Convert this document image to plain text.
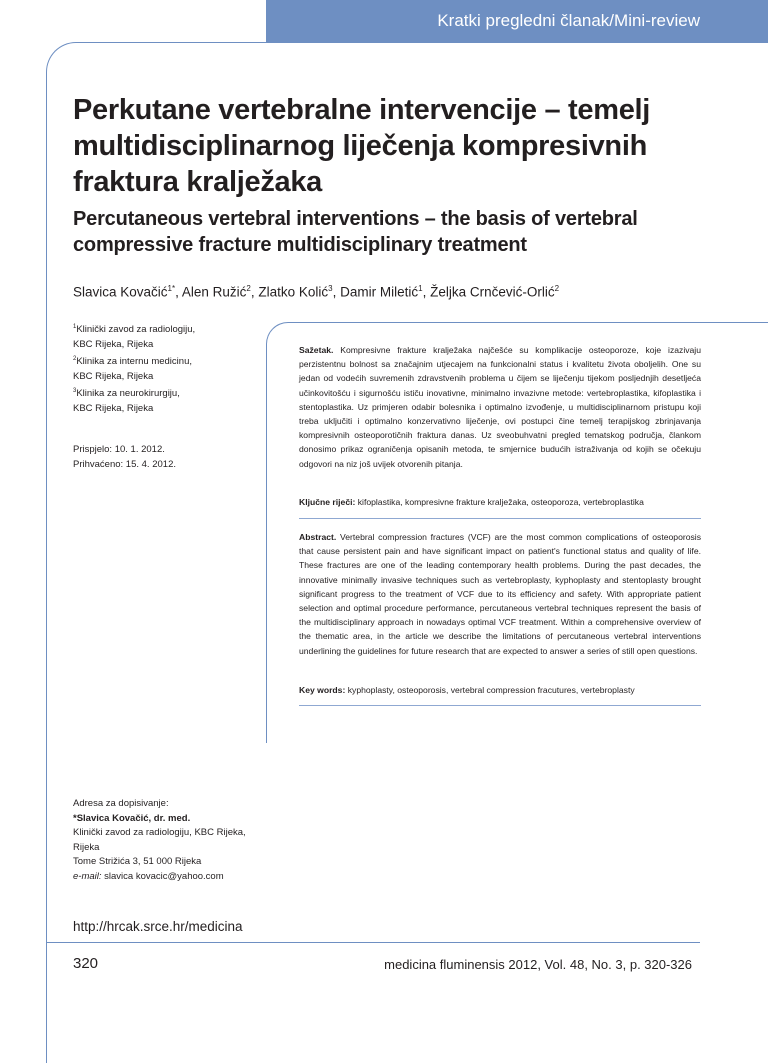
Kratki pregledni članak/Mini-review
Perkutane vertebralne intervencije – temelj multidisciplinarnog liječenja kompresivnih fraktura kralježaka
Percutaneous vertebral interventions – the basis of vertebral compressive fracture multidisciplinary treatment
Slavica Kovačić$^{1*}$, Alen Ružić$^2$, Zlatko Kolić$^3$, Damir Miletić$^1$, Željka Crnčević-Orlić$^2$
$^1$Klinički zavod za radiologiju,
KBC Rijeka, Rijeka
$^2$Klinika za internu medicinu,
KBC Rijeka, Rijeka
$^3$Klinika za neurokirurgiju,
KBC Rijeka, Rijeka
Prispjelo: 10. 1. 2012.
Prihvaćeno: 15. 4. 2012.
Sažetak. Kompresivne frakture kralježaka najčešće su komplikacije osteoporoze, koje izazivaju perzistentnu bolnost sa značajnim utjecajem na funkcionalni status i kvalitetu života oboljelih. One su jedan od vodećih suvremenih zdravstvenih problema u čijem se liječenju tijekom posljednjih desetljeća učinkovitošću i sigurnošću ističu inovativne, minimalno invazivne metode: vertebroplastika, kifoplastika i stentoplastika. Uz primjeren odabir bolesnika i optimalno izvođenje, u multidisciplinarnom pristupu koji treba uključiti i optimalno konzervativno liječenje, ovi postupci čine temelj terapijskog zbrinjavanja kompresivnih osteoporotičnih fraktura danas. Uz sveobuhvatni pregled tematskog područja, člankom donosimo prikaz ograničenja opisanih metoda, te smjernice budućih istraživanja od kojih se očekuju odgovori na niz još uvijek otvorenih pitanja.
Ključne riječi: kifoplastika, kompresivne frakture kralježaka, osteoporoza, vertebroplastika
Abstract. Vertebral compression fractures (VCF) are the most common complications of osteoporosis that cause persistent pain and have significant impact on patient's functional status and quality of life. These fractures are one of the leading contemporary health problems. During the past decades, the innovative minimally invasive techniques such as vertebroplasty, kyphoplasty and stentoplasty brought significant progress to the treatment of VCF due to its efficiency and safety. With appropriate patient selection and optimal procedure performance, percutaneous vertebral techniques represent the basis of the multidisciplinary approach in nowadays optimal VCF treatment. Within a comprehensive overview of the thematic area, in the article we describe the limitations of percutaneous vertebral interventions underlining the guidelines for future research that are expected to answer a series of still open questions.
Key words: kyphoplasty, osteoporosis, vertebral compression fracutures, vertebroplasty
Adresa za dopisivanje:
*Slavica Kovačić, dr. med.
Klinički zavod za radiologiju, KBC Rijeka,
Rijeka
Tome Strižića 3, 51 000 Rijeka
e-mail: slavica kovacic@yahoo.com
http://hrcak.srce.hr/medicina
320	medicina fluminensis 2012, Vol. 48, No. 3, p. 320-326
